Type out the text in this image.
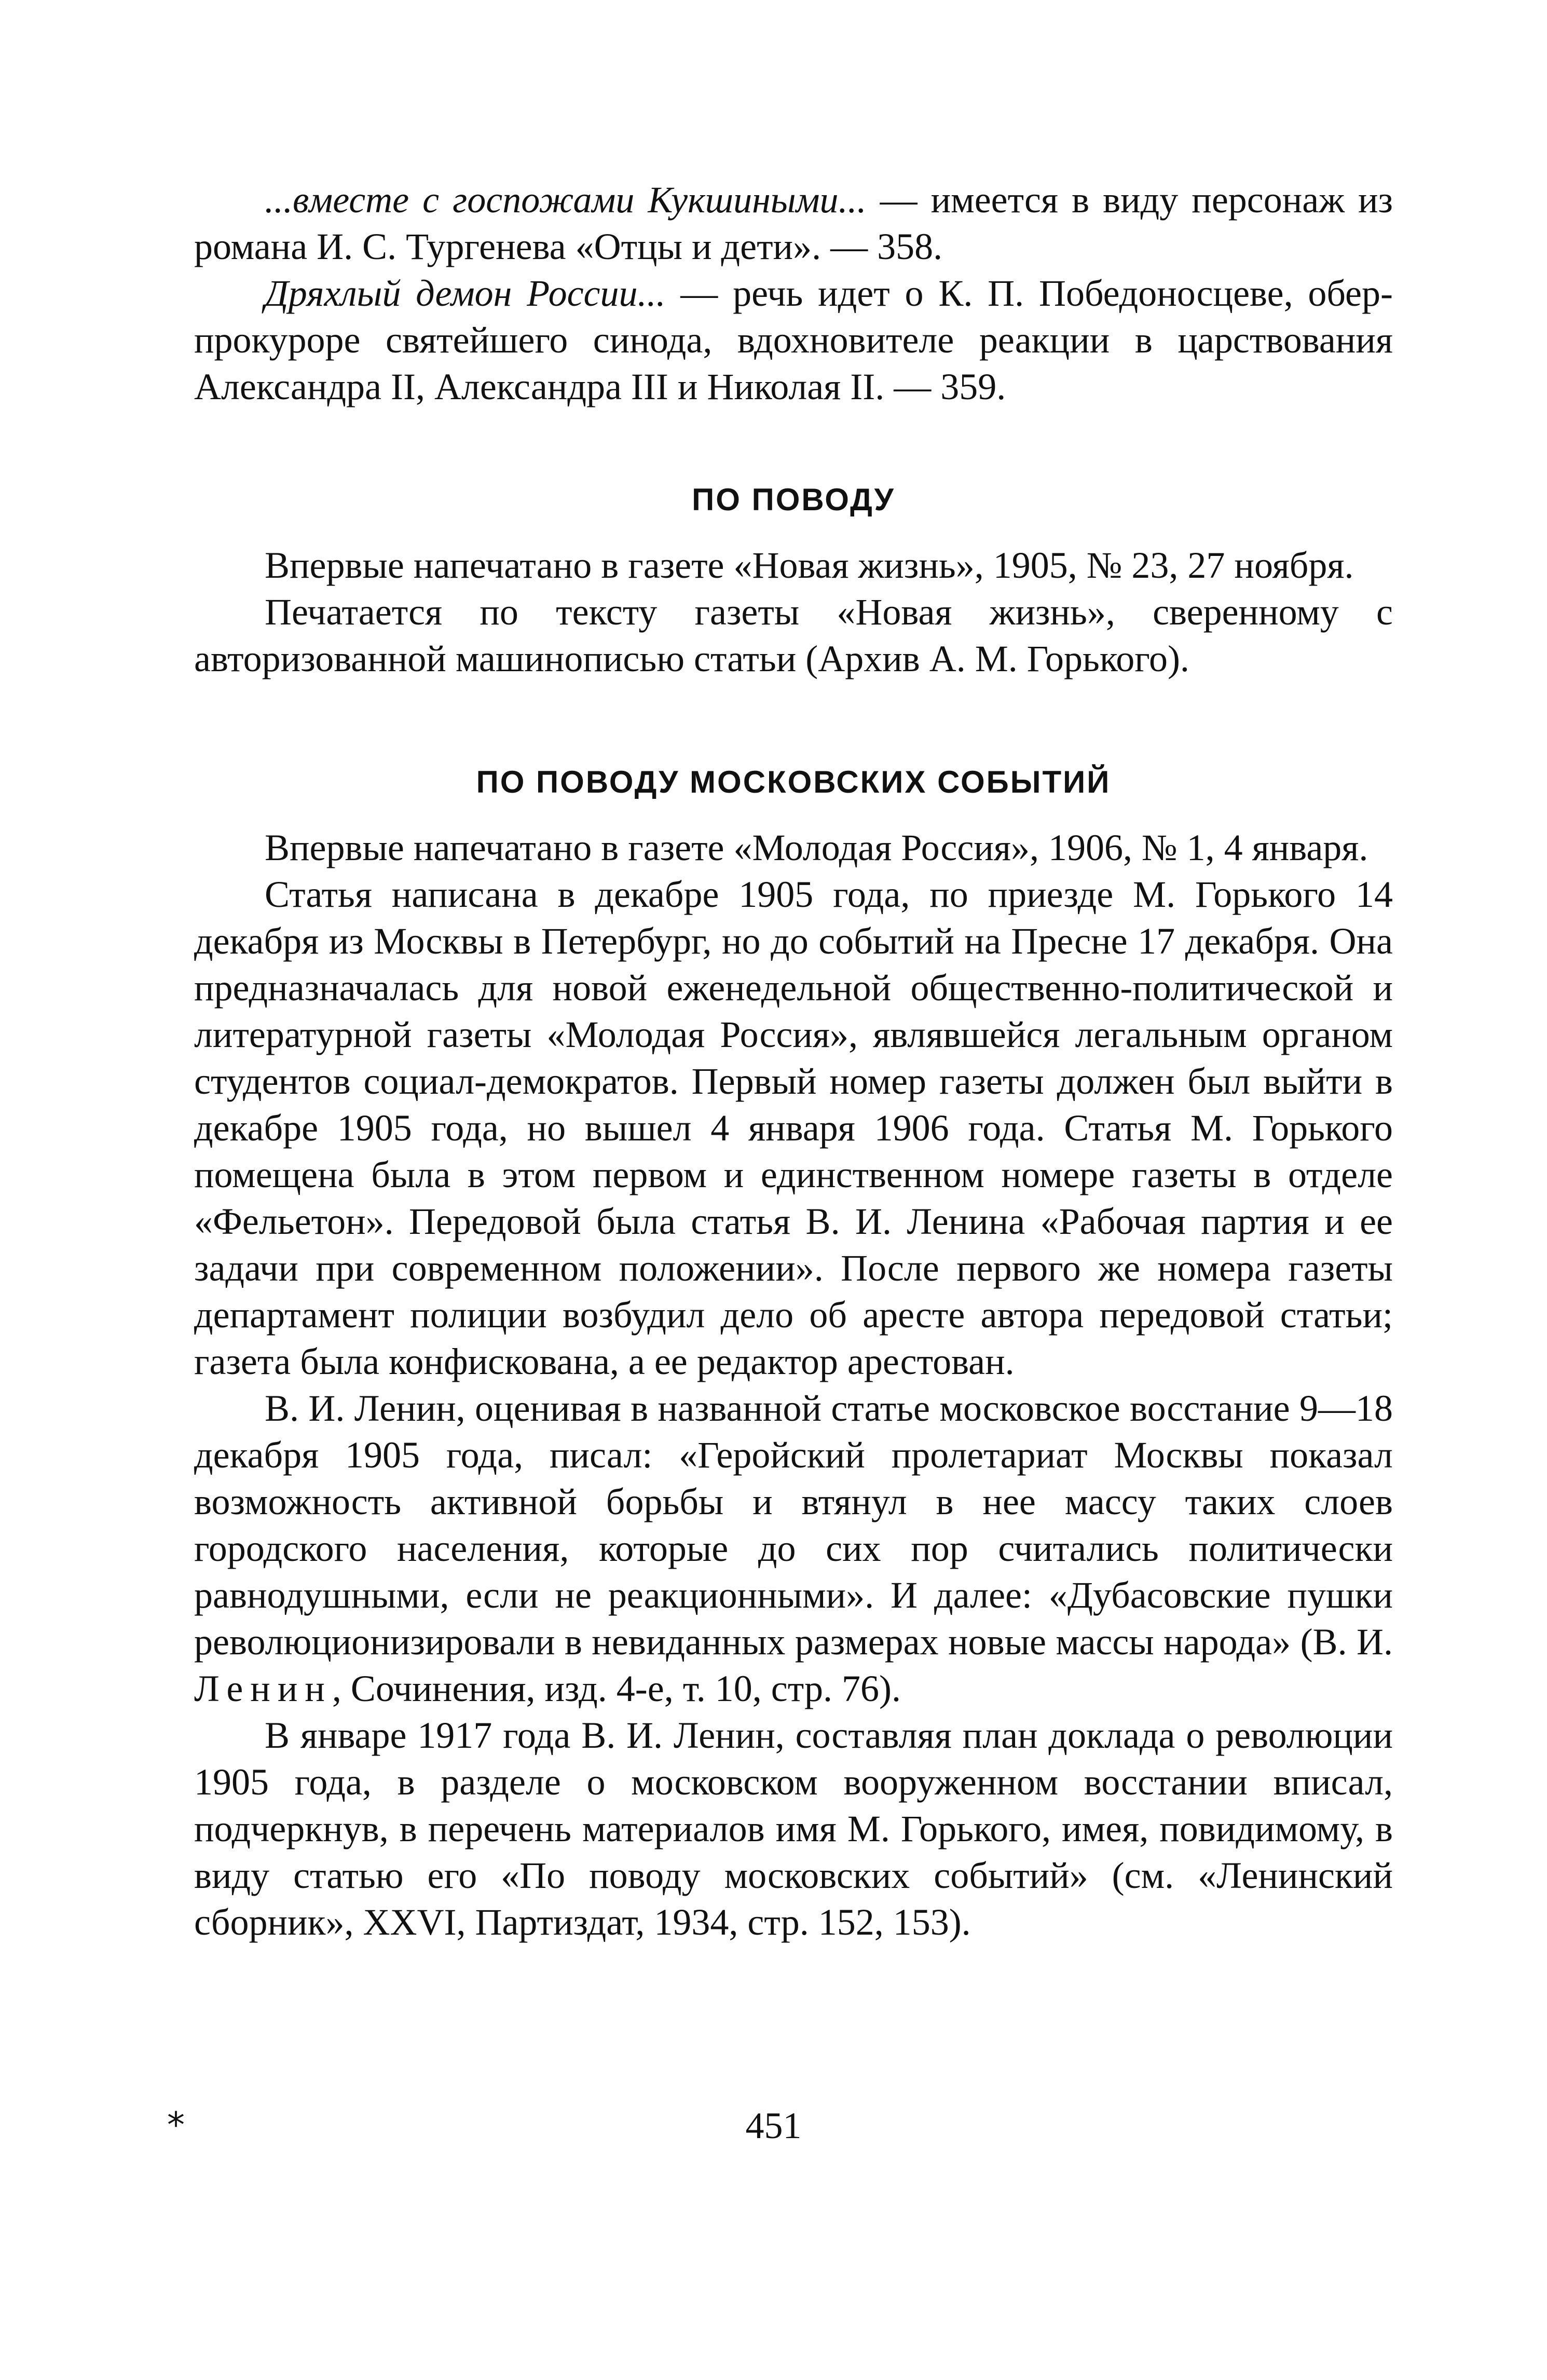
...вместе с госпожами Кукшиными... — имеется в виду персонаж из романа И. С. Тургенева «Отцы и дети». — 358.

Дряхлый демон России... — речь идет о К. П. Победоносцеве, обер-прокуроре святейшего синода, вдохновителе реакции в царствования Александра II, Александра III и Николая II. — 359.

ПО ПОВОДУ

Впервые напечатано в газете «Новая жизнь», 1905, № 23, 27 ноября.

Печатается по тексту газеты «Новая жизнь», сверенному с авторизованной машинописью статьи (Архив А. М. Горького).

ПО ПОВОДУ МОСКОВСКИХ СОБЫТИЙ

Впервые напечатано в газете «Молодая Россия», 1906, № 1, 4 января.

Статья написана в декабре 1905 года, по приезде М. Горького 14 декабря из Москвы в Петербург, но до событий на Пресне 17 декабря. Она предназначалась для новой еженедельной общественно-политической и литературной газеты «Молодая Россия», являвшейся легальным органом студентов социал-демократов. Первый номер газеты должен был выйти в декабре 1905 года, но вышел 4 января 1906 года. Статья М. Горького помещена была в этом первом и единственном номере газеты в отделе «Фельетон». Передовой была статья В. И. Ленина «Рабочая партия и ее задачи при современном положении». После первого же номера газеты департамент полиции возбудил дело об аресте автора передовой статьи; газета была конфискована, а ее редактор арестован.

В. И. Ленин, оценивая в названной статье московское восстание 9—18 декабря 1905 года, писал: «Геройский пролетариат Москвы показал возможность активной борьбы и втянул в нее массу таких слоев городского населения, которые до сих пор считались политически равнодушными, если не реакционными». И далее: «Дубасовские пушки революционизировали в невиданных размерах новые массы народа» (В. И. Ленин, Сочинения, изд. 4-е, т. 10, стр. 76).

В январе 1917 года В. И. Ленин, составляя план доклада о революции 1905 года, в разделе о московском вооруженном восстании вписал, подчеркнув, в перечень материалов имя М. Горького, имея, повидимому, в виду статью его «По поводу московских событий» (см. «Ленинский сборник», XXVI, Партиздат, 1934, стр. 152, 153).

*	451
